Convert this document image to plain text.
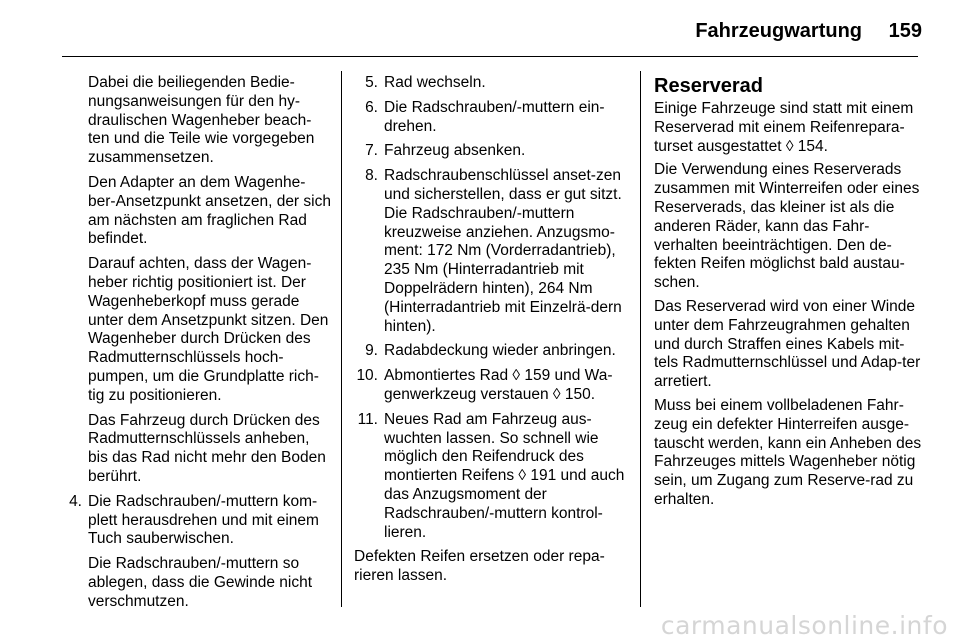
Fahrzeugwartung 159

Dabei die beiliegenden Bedie-nungsanweisungen für den hy-draulischen Wagenheber beach-ten und die Teile wie vorgegeben zusammensetzen.

Den Adapter an dem Wagenhe-ber-Ansetzpunkt ansetzen, der sich am nächsten am fraglichen Rad befindet.

Darauf achten, dass der Wagen-heber richtig positioniert ist. Der Wagenheberkopf muss gerade unter dem Ansetzpunkt sitzen. Den Wagenheber durch Drücken des Radmutternschlüssels hoch-pumpen, um die Grundplatte rich-tig zu positionieren.

Das Fahrzeug durch Drücken des Radmutternschlüssels anheben, bis das Rad nicht mehr den Boden berührt.

4. Die Radschrauben/-muttern kom-plett herausdrehen und mit einem Tuch sauberwischen.

Die Radschrauben/-muttern so ablegen, dass die Gewinde nicht verschmutzen.

5. Rad wechseln.
6. Die Radschrauben/-muttern ein-drehen.
7. Fahrzeug absenken.
8. Radschraubenschlüssel anset-zen und sicherstellen, dass er gut sitzt. Die Radschrauben/-muttern kreuzweise anziehen. Anzugsmo-ment: 172 Nm (Vorderradantrieb), 235 Nm (Hinterradantrieb mit Doppelrädern hinten), 264 Nm (Hinterradantrieb mit Einzelrä-dern hinten).
9. Radabdeckung wieder anbringen.
10. Abmontiertes Rad ◊ 159 und Wa-genwerkzeug verstauen ◊ 150.
11. Neues Rad am Fahrzeug aus-wuchten lassen. So schnell wie möglich den Reifendruck des montierten Reifens ◊ 191 und auch das Anzugsmoment der Radschrauben/-muttern kontrol-lieren.

Defekten Reifen ersetzen oder repa-rieren lassen.

Reserverad

Einige Fahrzeuge sind statt mit einem Reserverad mit einem Reifenrepara-turset ausgestattet ◊ 154.

Die Verwendung eines Reserverads zusammen mit Winterreifen oder eines Reserverads, das kleiner ist als die anderen Räder, kann das Fahr-verhalten beeinträchtigen. Den de-fekten Reifen möglichst bald austau-schen.

Das Reserverad wird von einer Winde unter dem Fahrzeugrahmen gehalten und durch Straffen eines Kabels mit-tels Radmutternschlüssel und Adap-ter arretiert.

Muss bei einem vollbeladenen Fahr-zeug ein defekter Hinterreifen ausge-tauscht werden, kann ein Anheben des Fahrzeuges mittels Wagenheber nötig sein, um Zugang zum Reserve-rad zu erhalten.

carmanualsonline.info
